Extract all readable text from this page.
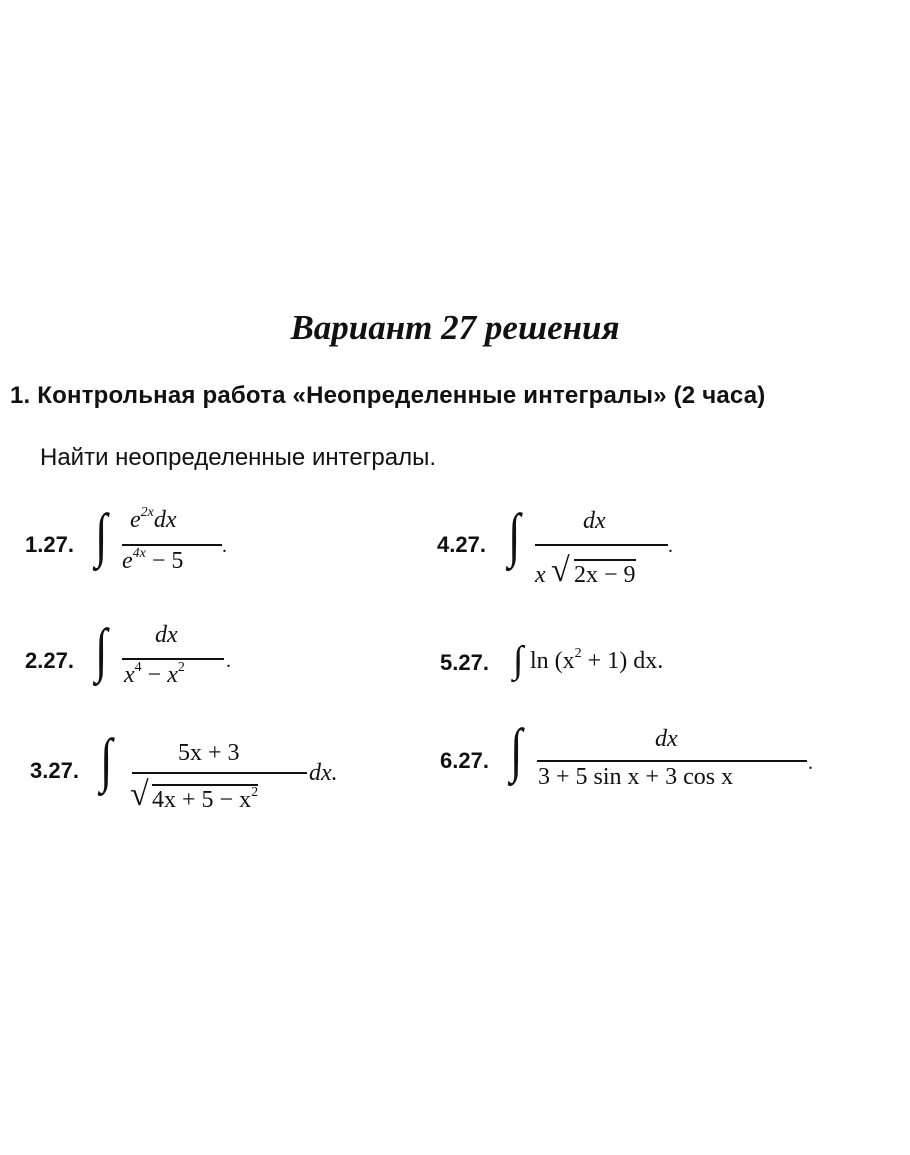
Вариант 27 решения
1. Контрольная работа «Неопределенные интегралы» (2 часа)
Найти неопределенные интегралы.
1.27. ∫ $e^{2x}dx$
$e^{4x} - 5$
.
2.27. ∫ dx
$x^4 - x^2$ .
3.27. ∫	5x + 3
√ $4x + 5 - x^2$
dx.
4.27. ∫	dx
x √ 2x − 9
.
5.27. ∫ $\ln (x^2 + 1)$ dx.
6.27. ∫	dx
3 + 5 sin x + 3 cos x
.
